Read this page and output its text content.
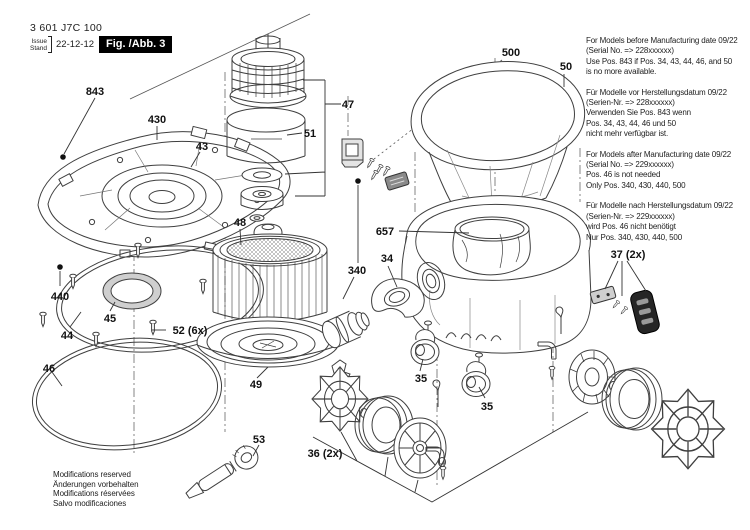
843
430
43
440
44
45
46
52 (6x)
53
47
51
48
49
500
50
657
340
34
35
35
36 (2x)
37 (2x)
3 601 J7C 100
Issue
Stand 22-12-12	Fig. /Abb. 3	For Models before Manufacturing date 09/22
(Serial No. => 228xxxxxx)
Use Pos. 843 if Pos. 34, 43, 44, 46, and 50
is no more available.
Für Modelle vor Herstellungsdatum 09/22
(Serien-Nr. => 228xxxxxx)
Verwenden Sie Pos. 843 wenn
Pos. 34, 43, 44, 46 und 50
nicht mehr verfügbar ist.
For Models after Manufacturing date 09/22
(Serial No. => 229xxxxxx)
Pos. 46 is not needed
Only Pos. 340, 430, 440, 500
Für Modelle nach Herstellungsdatum 09/22
(Serien-Nr. => 229xxxxxx)
wird Pos. 46 nicht benötigt
Nur Pos. 340, 430, 440, 500
Modifications reserved
Änderungen vorbehalten
Modifications réservées
Salvo modificaciones
